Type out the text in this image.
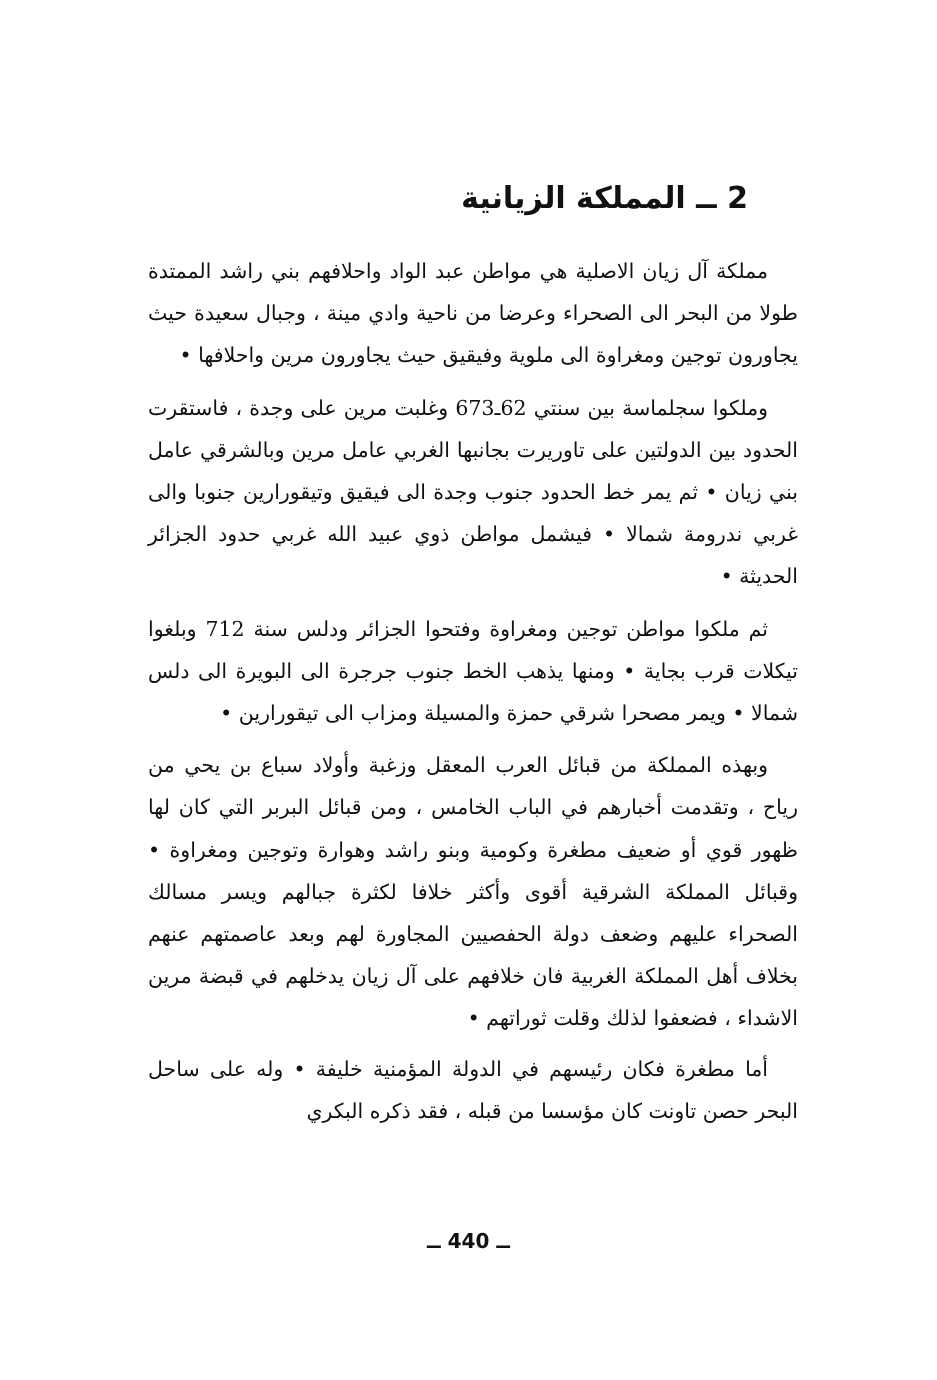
2 ــ المملكة الزيانية

مملكة آل زيان الاصلية هي مواطن عبد الواد واحلافهم بني راشد الممتدة طولا من البحر الى الصحراء وعرضا من ناحية وادي مينة ، وجبال سعيدة حيث يجاورون توجين ومغراوة الى ملوية وفيقيق حيث يجاورون مرين واحلافها •

وملكوا سجلماسة بين سنتي 62ـ673 وغلبت مرين على وجدة ، فاستقرت الحدود بين الدولتين على تاوريرت بجانبها الغربي عامل مرين وبالشرقي عامل بني زيان • ثم يمر خط الحدود جنوب وجدة الى فيقيق وتيقورارين جنوبا والى غربي ندرومة شمالا • فيشمل مواطن ذوي عبيد الله غربي حدود الجزائر الحديثة •

ثم ملكوا مواطن توجين ومغراوة وفتحوا الجزائر ودلس سنة 712 وبلغوا تيكلات قرب بجاية • ومنها يذهب الخط جنوب جرجرة الى البويرة الى دلس شمالا • ويمر مصحرا شرقي حمزة والمسيلة ومزاب الى تيقورارين •

وبهذه المملكة من قبائل العرب المعقل وزغبة وأولاد سباع بن يحي من رياح ، وتقدمت أخبارهم في الباب الخامس ، ومن قبائل البربر التي كان لها ظهور قوي أو ضعيف مطغرة وكومية وبنو راشد وهوارة وتوجين ومغراوة • وقبائل المملكة الشرقية أقوى وأكثر خلافا لكثرة جبالهم ويسر مسالك الصحراء عليهم وضعف دولة الحفصيين المجاورة لهم وبعد عاصمتهم عنهم بخلاف أهل المملكة الغربية فان خلافهم على آل زيان يدخلهم في قبضة مرين الاشداء ، فضعفوا لذلك وقلت ثوراتهم •

أما مطغرة فكان رئيسهم في الدولة المؤمنية خليفة • وله على ساحل البحر حصن تاونت كان مؤسسا من قبله ، فقد ذكره البكري

ــ 440 ــ
